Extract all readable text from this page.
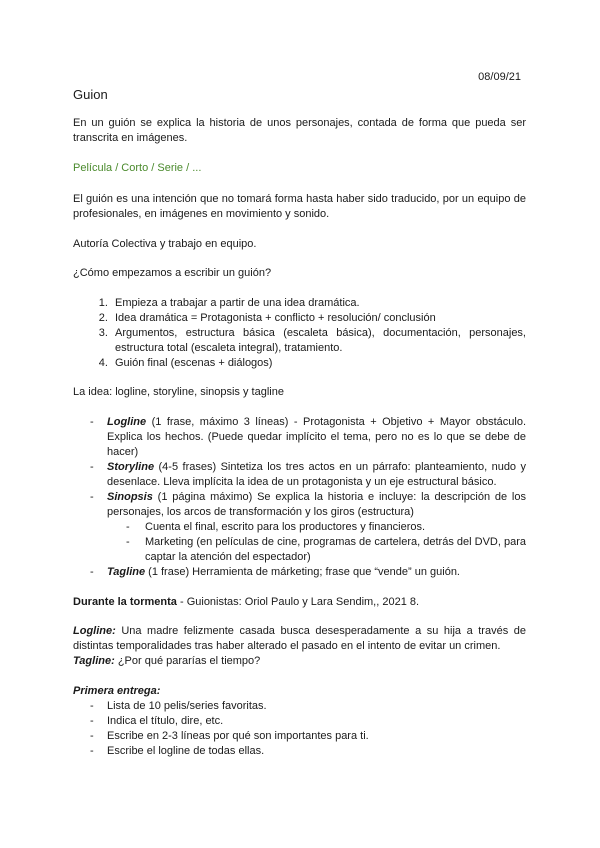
08/09/21
Guion

En un guión se explica la historia de unos personajes, contada de forma que pueda ser transcrita en imágenes.

Película / Corto / Serie / ...

El guión es una intención que no tomará forma hasta haber sido traducido, por un equipo de profesionales, en imágenes en movimiento y sonido.

Autoría Colectiva y trabajo en equipo.

¿Cómo empezamos a escribir un guión?

1. Empieza a trabajar a partir de una idea dramática.
2. Idea dramática = Protagonista + conflicto + resolución/ conclusión
3. Argumentos, estructura básica (escaleta básica), documentación, personajes, estructura total (escaleta integral), tratamiento.
4. Guión final (escenas + diálogos)

La idea: logline, storyline, sinopsis y tagline

- Logline (1 frase, máximo 3 líneas) - Protagonista + Objetivo + Mayor obstáculo. Explica los hechos. (Puede quedar implícito el tema, pero no es lo que se debe de hacer)
- Storyline (4-5 frases) Sintetiza los tres actos en un párrafo: planteamiento, nudo y desenlace. Lleva implícita la idea de un protagonista y un eje estructural básico.
- Sinopsis (1 página máximo) Se explica la historia e incluye: la descripción de los personajes, los arcos de transformación y los giros (estructura)
- Cuenta el final, escrito para los productores y financieros.
- Marketing (en películas de cine, programas de cartelera, detrás del DVD, para captar la atención del espectador)
- Tagline (1 frase) Herramienta de márketing; frase que “vende” un guión.

Durante la tormenta - Guionistas: Oriol Paulo y Lara Sendim,, 2021 8.

Logline: Una madre felizmente casada busca desesperadamente a su hija a través de distintas temporalidades tras haber alterado el pasado en el intento de evitar un crimen.

Tagline: ¿Por qué pararías el tiempo?

Primera entrega:

- Lista de 10 pelis/series favoritas.
- Indica el título, dire, etc.
- Escribe en 2-3 líneas por qué son importantes para ti.
- Escribe el logline de todas ellas.
